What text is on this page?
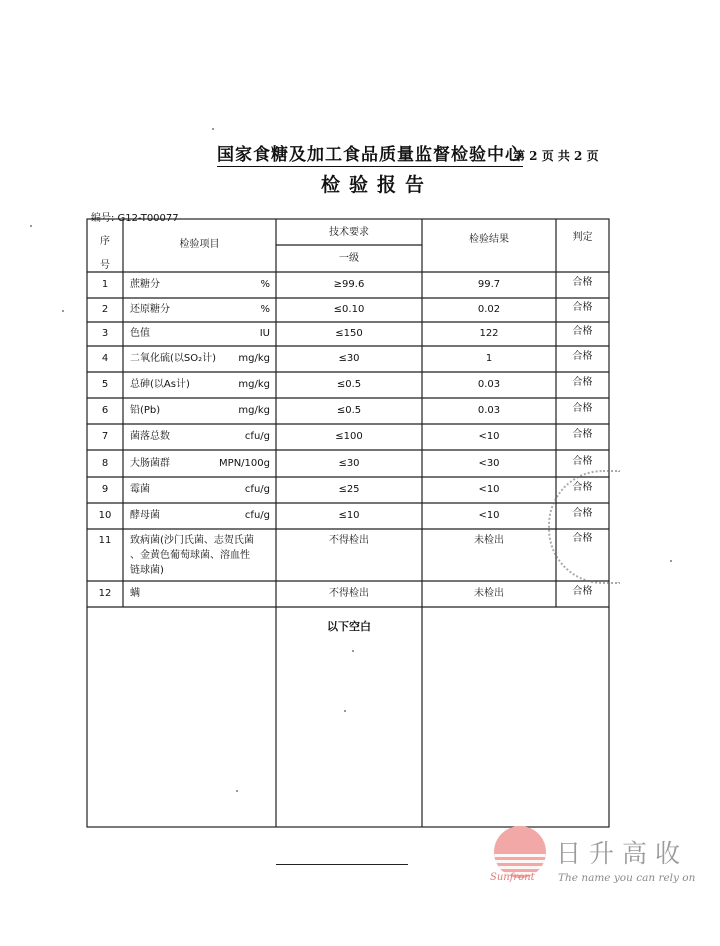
国家食糖及加工食品质量监督检验中心
第 2 页 共 2 页
检验报告
编号: G12-T00077
序号
检验项目
技术要求
一级
检验结果	判定
1	蔗糖分	%	≥99.6	99.7	合格
2	还原糖分	%	≤0.10	0.02	合格
3	色值	IU	≤150	122	合格
4	二氧化硫(以SO₂计)	mg/kg	≤30	1	合格
5	总砷(以As计)	mg/kg	≤0.5	0.03	合格
6	铅(Pb)	mg/kg	≤0.5	0.03	合格
7	菌落总数	cfu/g	≤100	<10	合格
8	大肠菌群	MPN/100g	≤30	<30	合格
9	霉菌	cfu/g	≤25	<10	合格
10	酵母菌	cfu/g	≤10	<10	合格
11	致病菌(沙门氏菌、志贺氏菌
、金黄色葡萄球菌、溶血性
链球菌)
不得检出	未检出	合格
12	螨	不得检出	未检出	合格
以下空白
日升高收
Sunfront The name you can rely on
